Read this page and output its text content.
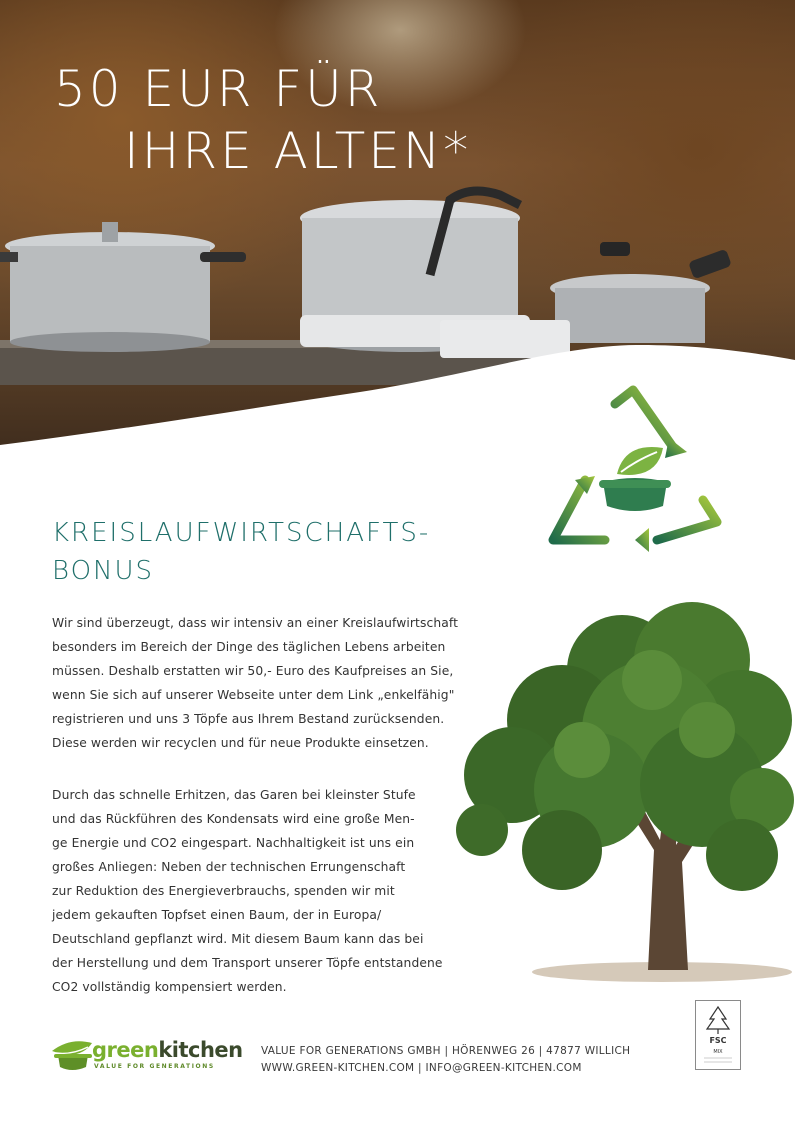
50 EUR FÜR
IHRE ALTEN*
*nur beim Kauf eines GreenKitchen Topfsets
KREISLAUFWIRTSCHAFTS-
BONUS
Wir sind überzeugt, dass wir intensiv an einer Kreislaufwirtschaft
besonders im Bereich der Dinge des täglichen Lebens arbeiten
müssen. Deshalb erstatten wir 50,- Euro des Kaufpreises an Sie,
wenn Sie sich auf unserer Webseite unter dem Link „enkelfähig"
registrieren und uns 3 Töpfe aus Ihrem Bestand zurücksenden.
Diese werden wir recyclen und für neue Produkte einsetzen.
Durch das schnelle Erhitzen, das Garen bei kleinster Stufe
und das Rückführen des Kondensats wird eine große Men-
ge Energie und CO2 eingespart. Nachhaltigkeit ist uns ein
großes Anliegen: Neben der technischen Errungenschaft
zur Reduktion des Energieverbrauchs, spenden wir mit
jedem gekauften Topfset einen Baum, der in Europa/
Deutschland gepflanzt wird. Mit diesem Baum kann das bei
der Herstellung und dem Transport unserer Töpfe entstandene
CO2 vollständig kompensiert werden.
greenkitchen
VALUE FOR GENERATIONS
VALUE FOR GENERATIONS GMBH | HÖRENWEG 26 | 47877 WILLICH
WWW.GREEN-KITCHEN.COM | INFO@GREEN-KITCHEN.COM
FSC
MIX
